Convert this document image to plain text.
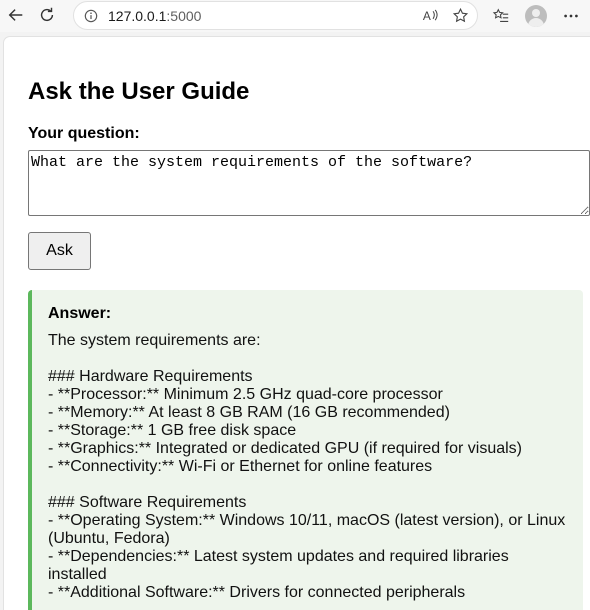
127.0.0.1:5000	A
Ask the User Guide
Your question:
What are the system requirements of the software?
Ask
Answer:
The system requirements are:

### Hardware Requirements
- **Processor:** Minimum 2.5 GHz quad-core processor
- **Memory:** At least 8 GB RAM (16 GB recommended)
- **Storage:** 1 GB free disk space
- **Graphics:** Integrated or dedicated GPU (if required for visuals)
- **Connectivity:** Wi-Fi or Ethernet for online features

### Software Requirements
- **Operating System:** Windows 10/11, macOS (latest version), or Linux (Ubuntu, Fedora)
- **Dependencies:** Latest system updates and required libraries installed
- **Additional Software:** Drivers for connected peripherals
